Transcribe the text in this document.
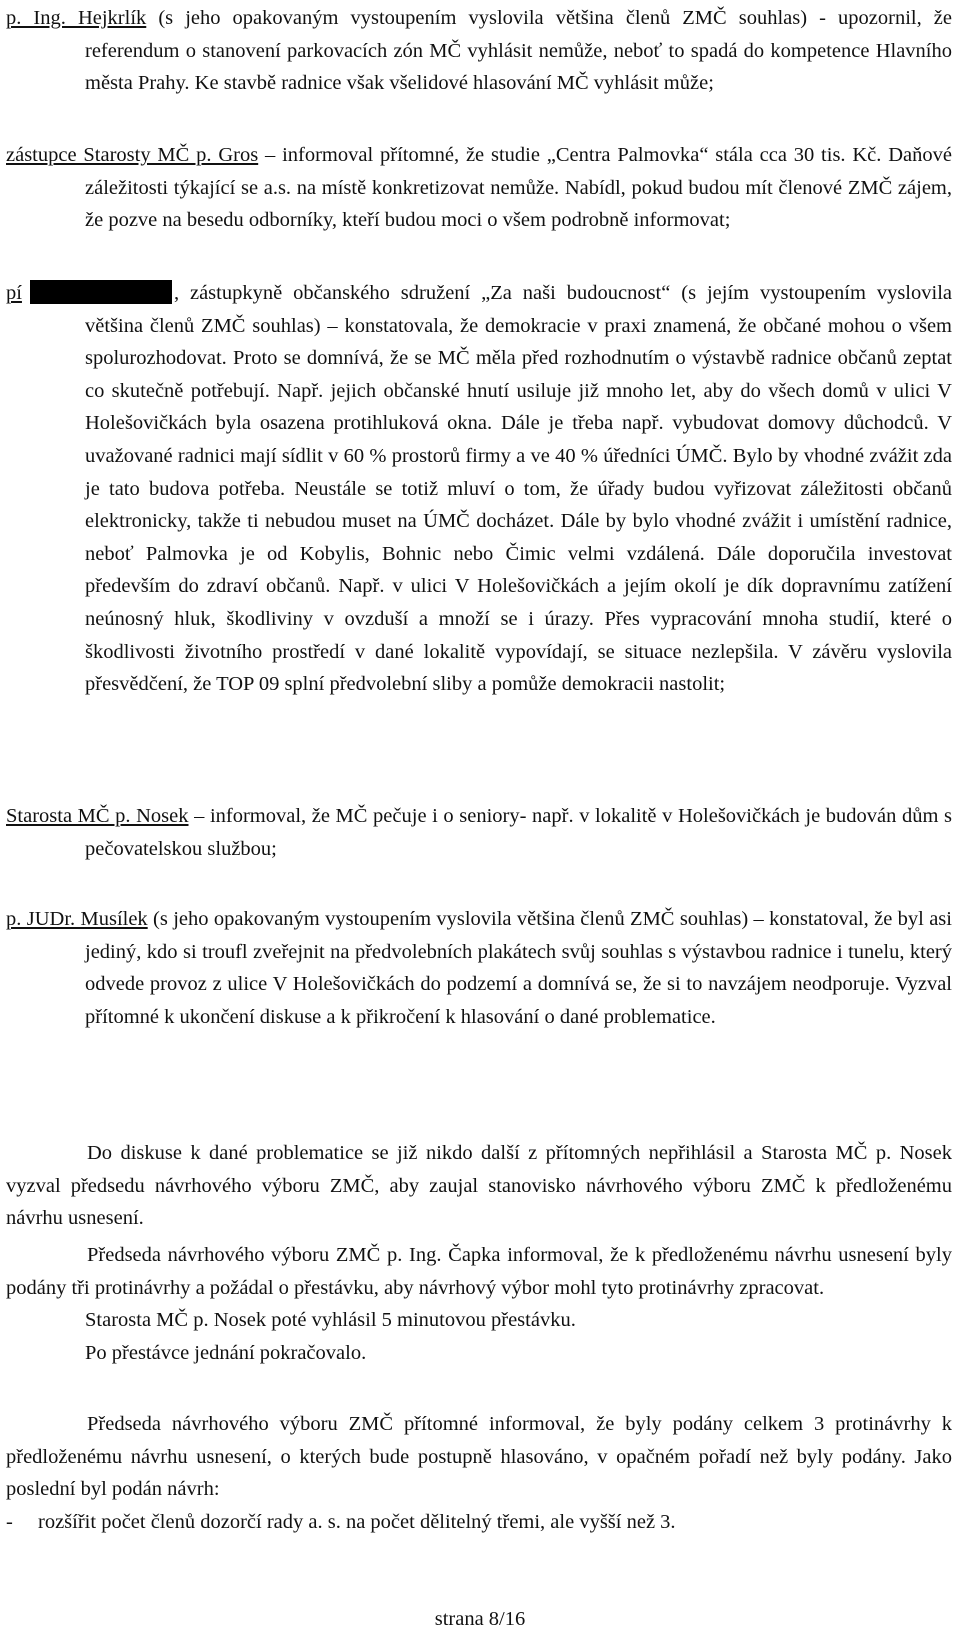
p. Ing. Hejkrlík (s jeho opakovaným vystoupením vyslovila většina členů ZMČ souhlas) - upozornil, že referendum o stanovení parkovacích zón MČ vyhlásit nemůže, neboť to spadá do kompetence Hlavního města Prahy. Ke stavbě radnice však všelidové hlasování MČ vyhlásit může;

zástupce Starosty MČ p. Gros – informoval přítomné, že studie „Centra Palmovka“ stála cca 30 tis. Kč. Daňové záležitosti týkající se a.s. na místě konkretizovat nemůže. Nabídl, pokud budou mít členové ZMČ zájem, že pozve na besedu odborníky, kteří budou moci o všem podrobně informovat;

pí	, zástupkyně občanského sdružení „Za naši budoucnost“ (s jejím vystoupením vyslovila většina členů ZMČ souhlas) – konstatovala, že demokracie v praxi znamená, že občané mohou o všem spolurozhodovat. Proto se domnívá, že se MČ měla před rozhodnutím o výstavbě radnice občanů zeptat co skutečně potřebují. Např. jejich občanské hnutí usiluje již mnoho let, aby do všech domů v ulici V Holešovičkách byla osazena protihluková okna. Dále je třeba např. vybudovat domovy důchodců. V uvažované radnici mají sídlit v 60 % prostorů firmy a ve 40 % úředníci ÚMČ. Bylo by vhodné zvážit zda je tato budova potřeba. Neustále se totiž mluví o tom, že úřady budou vyřizovat záležitosti občanů elektronicky, takže ti nebudou muset na ÚMČ docházet. Dále by bylo vhodné zvážit i umístění radnice, neboť Palmovka je od Kobylis, Bohnic nebo Čimic velmi vzdálená. Dále doporučila investovat především do zdraví občanů. Např. v ulici V Holešovičkách a jejím okolí je dík dopravnímu zatížení neúnosný hluk, škodliviny v ovzduší a množí se i úrazy. Přes vypracování mnoha studií, které o škodlivosti životního prostředí v dané lokalitě vypovídají, se situace nezlepšila. V závěru vyslovila přesvědčení, že TOP 09 splní předvolební sliby a pomůže demokracii nastolit;

Starosta MČ p. Nosek – informoval, že MČ pečuje i o seniory- např. v lokalitě v Holešovičkách je budován dům s pečovatelskou službou;

p. JUDr. Musílek (s jeho opakovaným vystoupením vyslovila většina členů ZMČ souhlas) – konstatoval, že byl asi jediný, kdo si troufl zveřejnit na předvolebních plakátech svůj souhlas s výstavbou radnice i tunelu, který odvede provoz z ulice V Holešovičkách do podzemí a domnívá se, že si to navzájem neodporuje. Vyzval přítomné k ukončení diskuse a k přikročení k hlasování o dané problematice.

Do diskuse k dané problematice se již nikdo další z přítomných nepřihlásil a Starosta MČ p. Nosek vyzval předsedu návrhového výboru ZMČ, aby zaujal stanovisko návrhového výboru ZMČ k předloženému návrhu usnesení.

Předseda návrhového výboru ZMČ p. Ing. Čapka informoval, že k předloženému návrhu usnesení byly podány tři protinávrhy a požádal o přestávku, aby návrhový výbor mohl tyto protinávrhy zpracovat.

Starosta MČ p. Nosek poté vyhlásil 5 minutovou přestávku.

Po přestávce jednání pokračovalo.

Předseda návrhového výboru ZMČ přítomné informoval, že byly podány celkem 3 protinávrhy k předloženému návrhu usnesení, o kterých bude postupně hlasováno, v opačném pořadí než byly podány. Jako poslední byl podán návrh:

-	rozšířit počet členů dozorčí rady a. s. na počet dělitelný třemi, ale vyšší než 3.
strana 8/16
